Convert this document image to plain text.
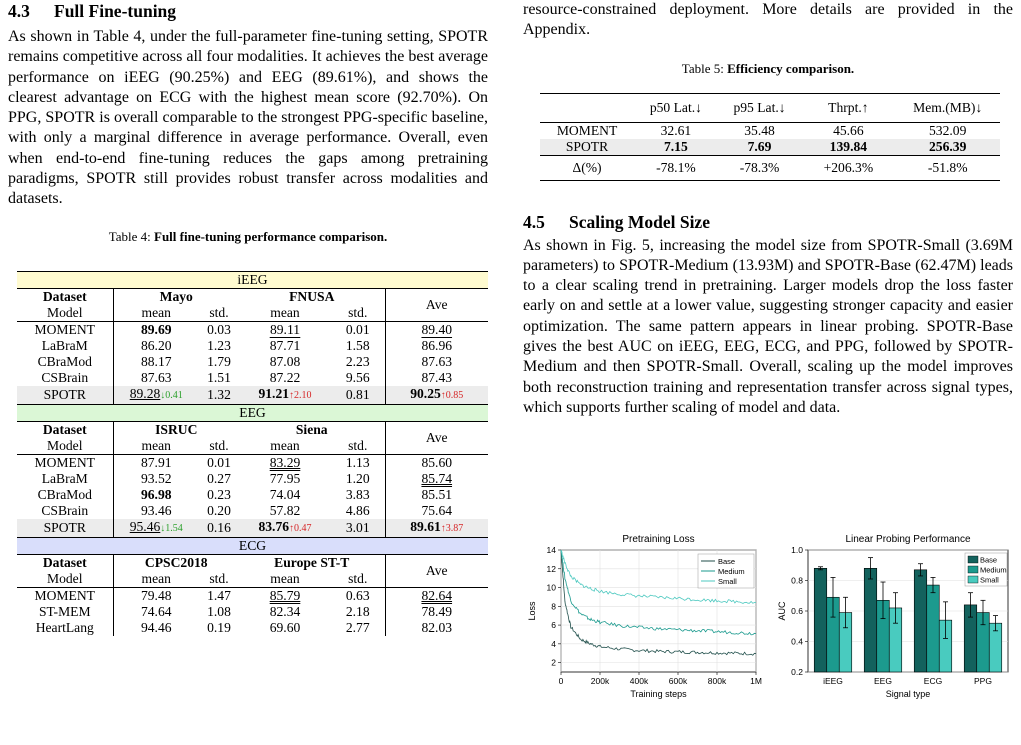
4.3 Full Fine-tuning

As shown in Table 4, under the full-parameter fine-tuning setting, SPOTR remains competitive across all four modalities. It achieves the best average performance on iEEG (90.25%) and EEG (89.61%), and shows the clearest advantage on ECG with the highest mean score (92.70%). On PPG, SPOTR is overall comparable to the strongest PPG-specific baseline, with only a marginal difference in average performance. Overall, even when end-to-end fine-tuning reduces the gaps among pretraining paradigms, SPOTR still provides robust transfer across modalities and datasets.

Table 4: Full fine-tuning performance comparison.
iEEG					
Dataset	Mayo		FNUSA		Ave
Model	mean	std.	mean	std.	
MOMENT	89.69	0.03	89.11	0.01	89.40
LaBraM	86.20	1.23	87.71	1.58	86.96
CBraMod	88.17	1.79	87.08	2.23	87.63
CSBrain	87.63	1.51	87.22	9.56	87.43
SPOTR	89.28↓0.41	1.32	91.21↑2.10	0.81	90.25↑0.85
EEG					
Dataset	ISRUC		Siena		Ave
Model	mean	std.	mean	std.	
MOMENT	87.91	0.01	83.29	1.13	85.60
LaBraM	93.52	0.27	77.95	1.20	85.74
CBraMod	96.98	0.23	74.04	3.83	85.51
CSBrain	93.46	0.20	57.82	4.86	75.64
SPOTR	95.46↓1.54	0.16	83.76↑0.47	3.01	89.61↑3.87
ECG					
Dataset	CPSC2018		Europe ST-T		Ave
Model	mean	std.	mean	std.	
MOMENT	79.48	1.47	85.79	0.63	82.64
ST-MEM	74.64	1.08	82.34	2.18	78.49
HeartLang	94.46	0.19	69.60	2.77	82.03

resource-constrained deployment. More details are provided in the Appendix.

Table 5: Efficiency comparison.
	p50 Lat.↓	p95 Lat.↓	Thrpt.↑	Mem.(MB)↓
MOMENT	32.61	35.48	45.66	532.09
SPOTR	7.15	7.69	139.84	256.39
Δ(%)	-78.1%	-78.3%	+206.3%	-51.8%
4.5 Scaling Model Size

As shown in Fig. 5, increasing the model size from SPOTR-Small (3.69M parameters) to SPOTR-Medium (13.93M) and SPOTR-Base (62.47M) leads to a clear scaling trend in pretraining. Larger models drop the loss faster early on and settle at a lower value, suggesting stronger capacity and easier optimization. The same pattern appears in linear probing. SPOTR-Base gives the best AUC on iEEG, EEG, ECG, and PPG, followed by SPOTR-Medium and then SPOTR-Small. Overall, scaling up the model improves both reconstruction training and representation transfer across signal types, which supports further scaling of model and data.

0	200k 400k 600k 800k	1M
2
4
6
8
10
12
14
Base
Medium
Small
Pretraining Loss
Training steps
Loss
0.2
0.4
0.6
0.8
1.0
iEEG	EEG	ECG	PPG
Base
Medium
Small
Linear Probing Performance
Signal type
AUC
